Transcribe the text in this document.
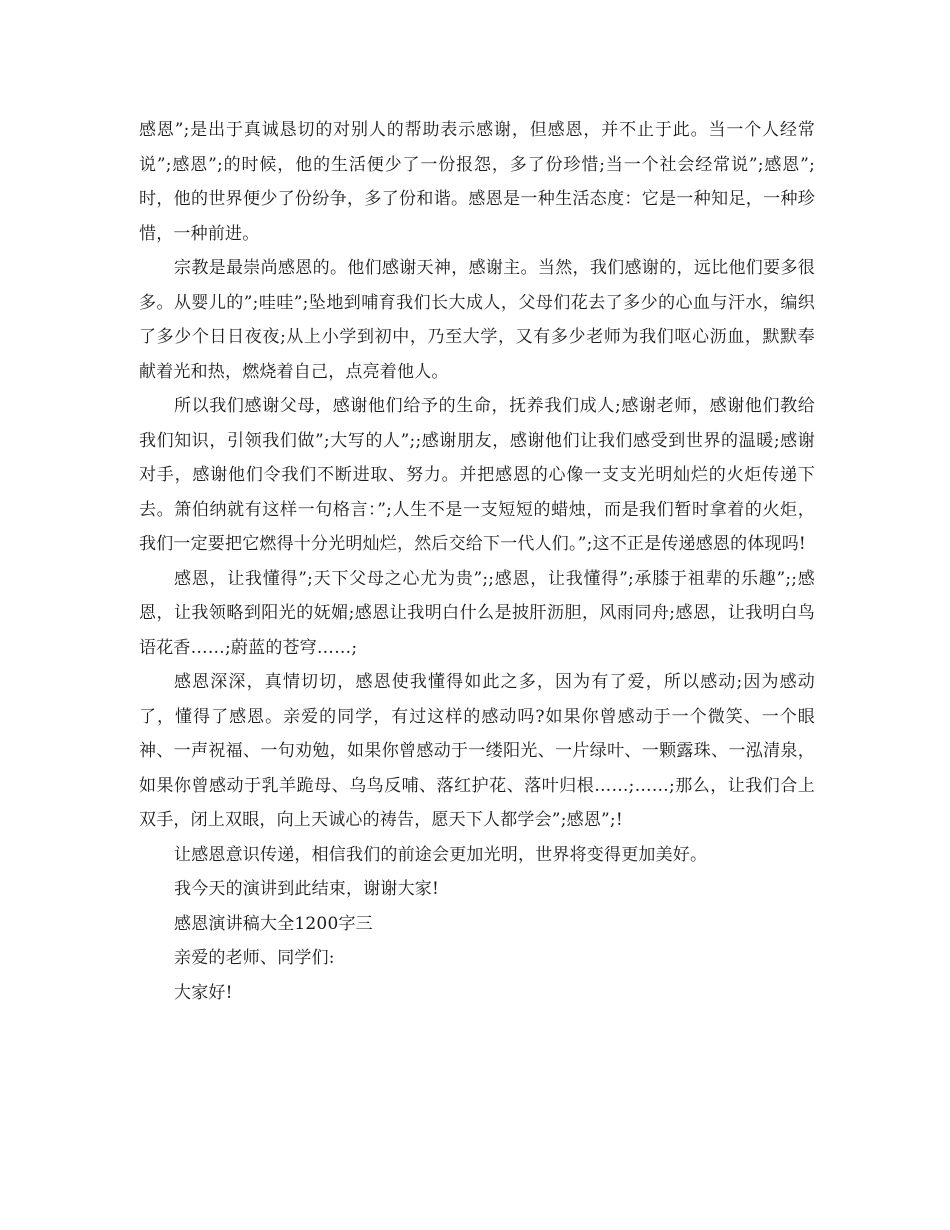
感恩”;是出于真诚恳切的对别人的帮助表示感谢，但感恩，并不止于此。当一个人经常说”;感恩”;的时候，他的生活便少了一份报怨，多了份珍惜;当一个社会经常说”;感恩”;时，他的世界便少了份纷争，多了份和谐。感恩是一种生活态度：它是一种知足，一种珍惜，一种前进。

宗教是最崇尚感恩的。他们感谢天神，感谢主。当然，我们感谢的，远比他们要多很多。从婴儿的”;哇哇”;坠地到哺育我们长大成人，父母们花去了多少的心血与汗水，编织了多少个日日夜夜;从上小学到初中，乃至大学，又有多少老师为我们呕心沥血，默默奉献着光和热，燃烧着自己，点亮着他人。

所以我们感谢父母，感谢他们给予的生命，抚养我们成人;感谢老师，感谢他们教给我们知识，引领我们做”;大写的人”;;感谢朋友，感谢他们让我们感受到世界的温暖;感谢对手，感谢他们令我们不断进取、努力。并把感恩的心像一支支光明灿烂的火炬传递下去。箫伯纳就有这样一句格言：”;人生不是一支短短的蜡烛，而是我们暂时拿着的火炬，我们一定要把它燃得十分光明灿烂，然后交给下一代人们。”;这不正是传递感恩的体现吗!

感恩，让我懂得”;天下父母之心尤为贵”;;感恩，让我懂得”;承膝于祖辈的乐趣”;;感恩，让我领略到阳光的妩媚;感恩让我明白什么是披肝沥胆，风雨同舟;感恩，让我明白鸟语花香……;蔚蓝的苍穹……;

感恩深深，真情切切，感恩使我懂得如此之多，因为有了爱，所以感动;因为感动了，懂得了感恩。亲爱的同学，有过这样的感动吗?如果你曾感动于一个微笑、一个眼神、一声祝福、一句劝勉，如果你曾感动于一缕阳光、一片绿叶、一颗露珠、一泓清泉，如果你曾感动于乳羊跪母、乌鸟反哺、落红护花、落叶归根……;……;那么，让我们合上双手，闭上双眼，向上天诚心的祷告，愿天下人都学会”;感恩”;!

让感恩意识传递，相信我们的前途会更加光明，世界将变得更加美好。

我今天的演讲到此结束，谢谢大家!

感恩演讲稿大全1200字三

亲爱的老师、同学们:

大家好!
